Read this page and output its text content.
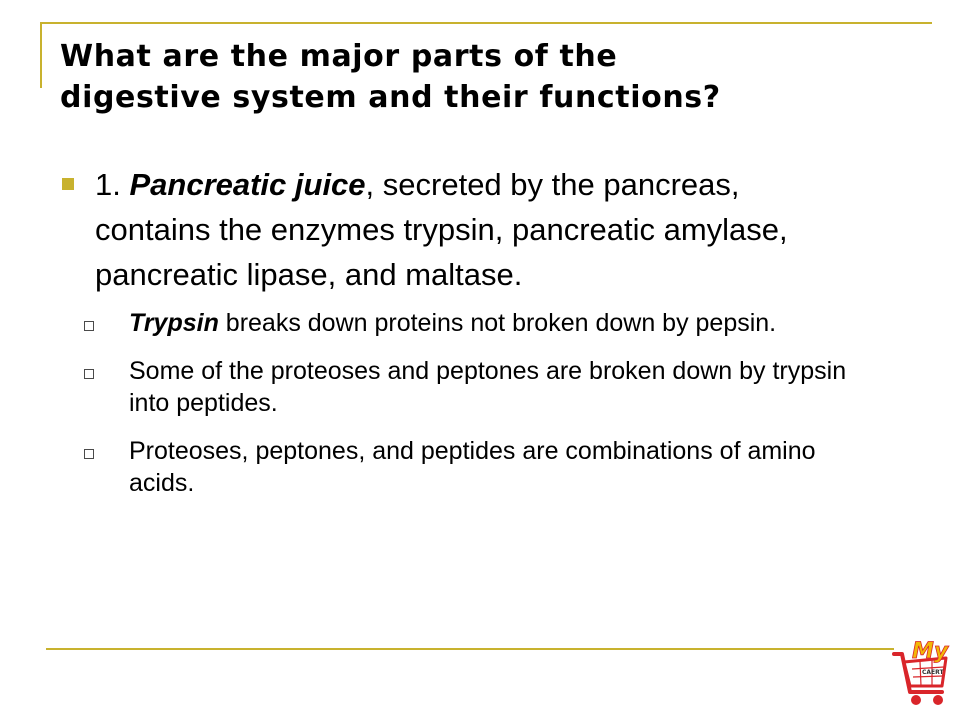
What are the major parts of the
digestive system and their functions?
1. Pancreatic juice, secreted by the pancreas, contains the enzymes trypsin, pancreatic amylase, pancreatic lipase, and maltase.
Trypsin breaks down proteins not broken down by pepsin.
Some of the proteoses and peptones are broken down by trypsin into peptides.
Proteoses, peptones, and peptides are combinations of amino acids.
My
CAERT
